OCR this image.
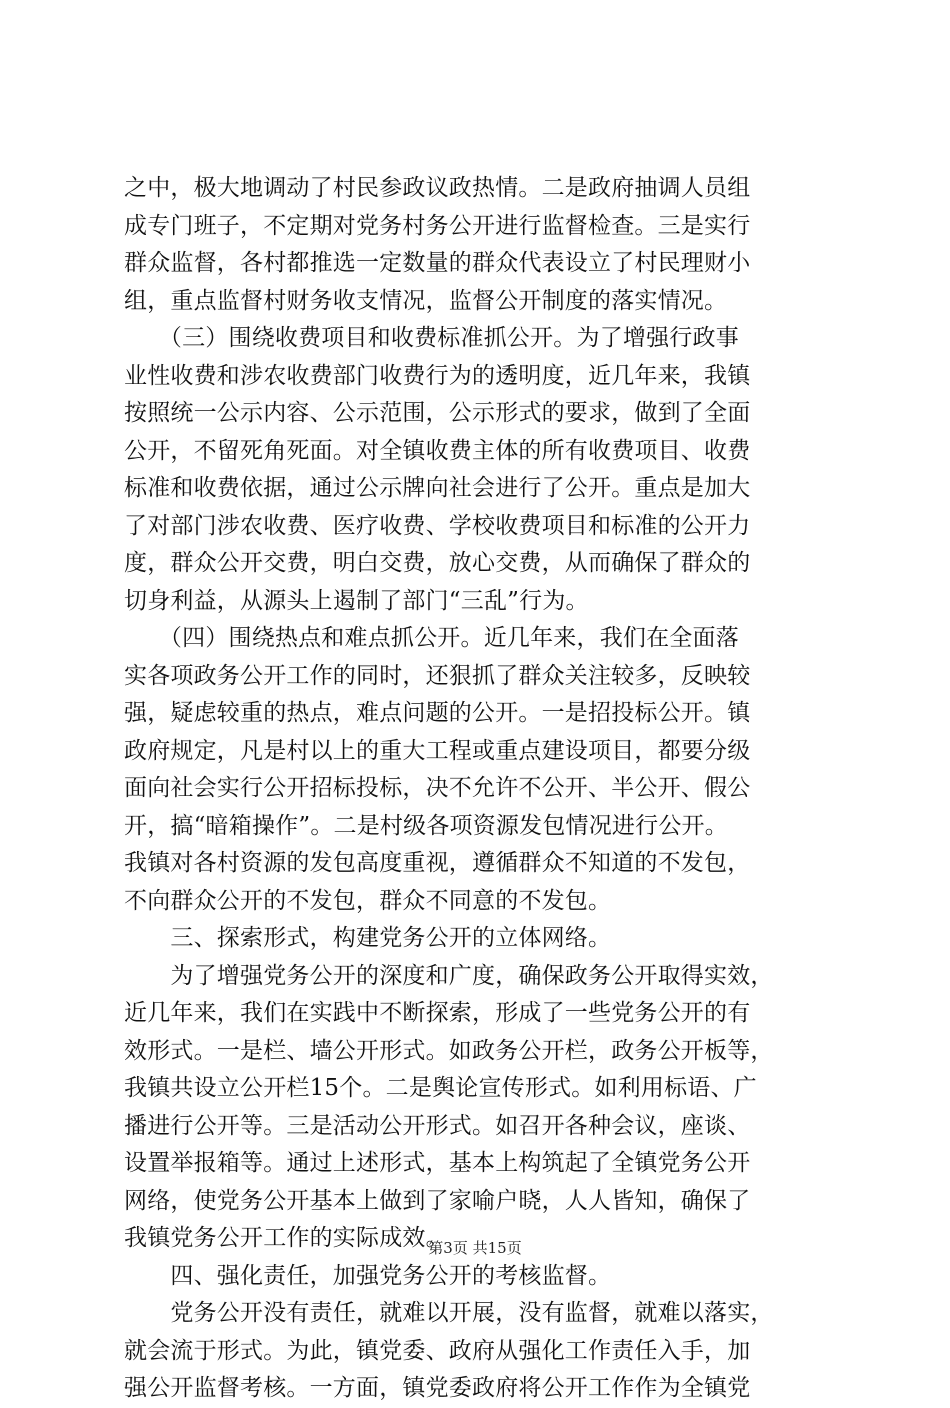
之中，极大地调动了村民参政议政热情。二是政府抽调人员组
成专门班子，不定期对党务村务公开进行监督检查。三是实行
群众监督，各村都推选一定数量的群众代表设立了村民理财小
组，重点监督村财务收支情况，监督公开制度的落实情况。
　　（三）围绕收费项目和收费标准抓公开。为了增强行政事
业性收费和涉农收费部门收费行为的透明度，近几年来，我镇
按照统一公示内容、公示范围，公示形式的要求，做到了全面
公开，不留死角死面。对全镇收费主体的所有收费项目、收费
标准和收费依据，通过公示牌向社会进行了公开。重点是加大
了对部门涉农收费、医疗收费、学校收费项目和标准的公开力
度，群众公开交费，明白交费，放心交费，从而确保了群众的
切身利益，从源头上遏制了部门“三乱”行为。
　　（四）围绕热点和难点抓公开。近几年来，我们在全面落
实各项政务公开工作的同时，还狠抓了群众关注较多，反映较
强，疑虑较重的热点，难点问题的公开。一是招投标公开。镇
政府规定，凡是村以上的重大工程或重点建设项目，都要分级
面向社会实行公开招标投标，决不允许不公开、半公开、假公
开，搞“暗箱操作”。二是村级各项资源发包情况进行公开。
我镇对各村资源的发包高度重视，遵循群众不知道的不发包，
不向群众公开的不发包，群众不同意的不发包。
　　三、探索形式，构建党务公开的立体网络。
　　为了增强党务公开的深度和广度，确保政务公开取得实效，
近几年来，我们在实践中不断探索，形成了一些党务公开的有
效形式。一是栏、墙公开形式。如政务公开栏，政务公开板等，
我镇共设立公开栏15个。二是舆论宣传形式。如利用标语、广
播进行公开等。三是活动公开形式。如召开各种会议，座谈、
设置举报箱等。通过上述形式，基本上构筑起了全镇党务公开
网络，使党务公开基本上做到了家喻户晓，人人皆知，确保了
我镇党务公开工作的实际成效。
　　四、强化责任，加强党务公开的考核监督。
　　党务公开没有责任，就难以开展，没有监督，就难以落实，
就会流于形式。为此，镇党委、政府从强化工作责任入手，加
强公开监督考核。一方面，镇党委政府将公开工作作为全镇党
第3页 共15页
